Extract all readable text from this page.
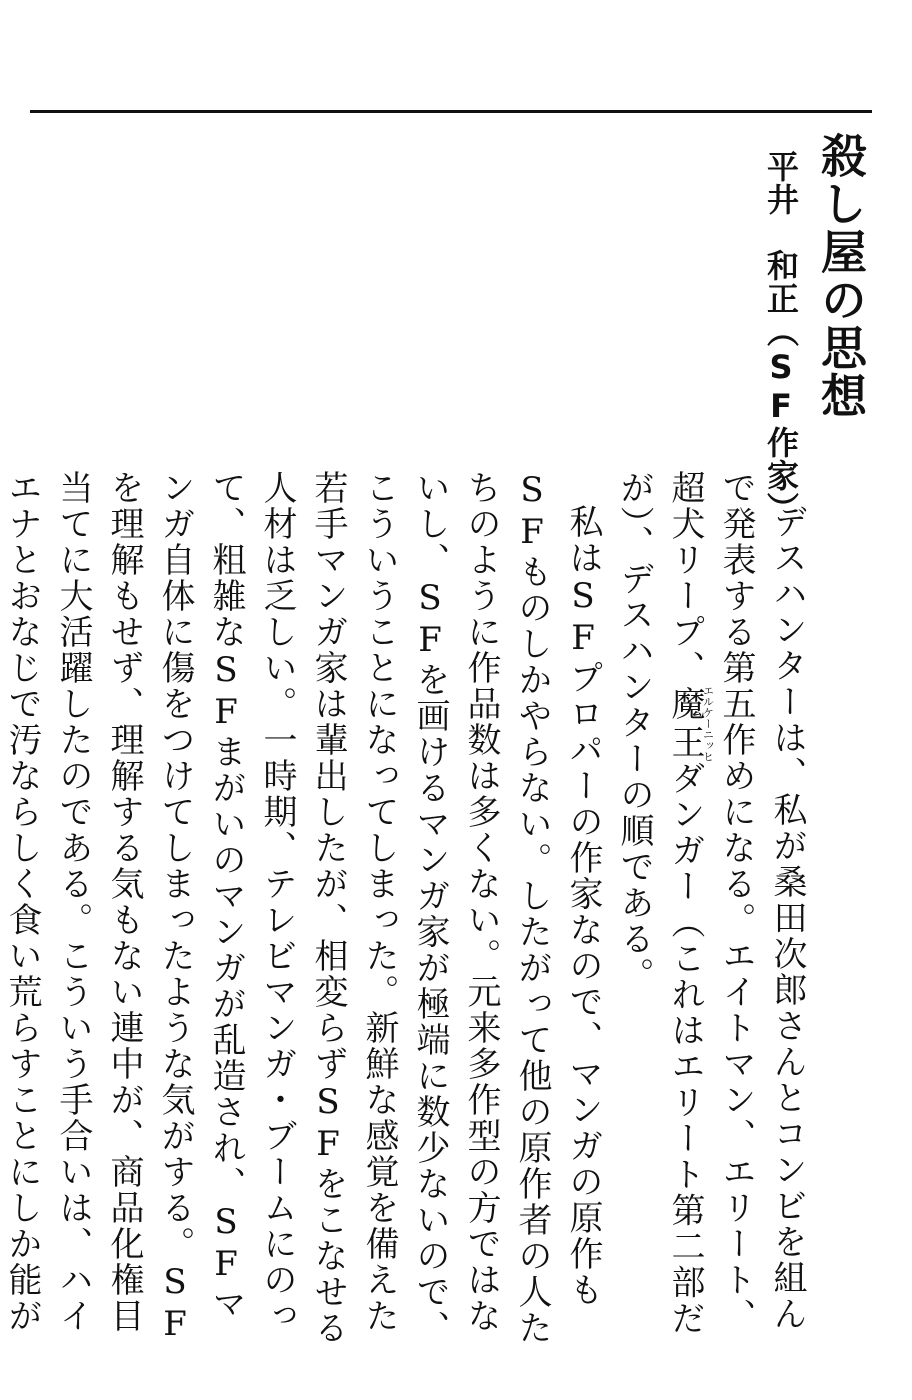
殺し屋の思想
平井　和正（SF作家）

デスハンターは、私が桑田次郎さんとコンビを組んで発表する第五作めになる。エイトマン、エリート、超犬リープ、魔王エルケーニッヒダンガー（これはエリート第二部だが）、デスハンターの順である。

私はSFプロパーの作家なので、マンガの原作もSFものしかやらない。したがって他の原作者の人たちのように作品数は多くない。元来多作型の方ではないし、SFを画けるマンガ家が極端に数少ないので、こういうことになってしまった。新鮮な感覚を備えた若手マンガ家は輩出したが、相変らずSFをこなせる人材は乏しい。一時期、テレビマンガ・ブームにのって、粗雑なSFまがいのマンガが乱造され、SFマンガ自体に傷をつけてしまったような気がする。SFを理解もせず、理解する気もない連中が、商品化権目当てに大活躍したのである。こういう手合いは、ハイエナとおなじで汚ならしく食い荒らすことにしか能が
